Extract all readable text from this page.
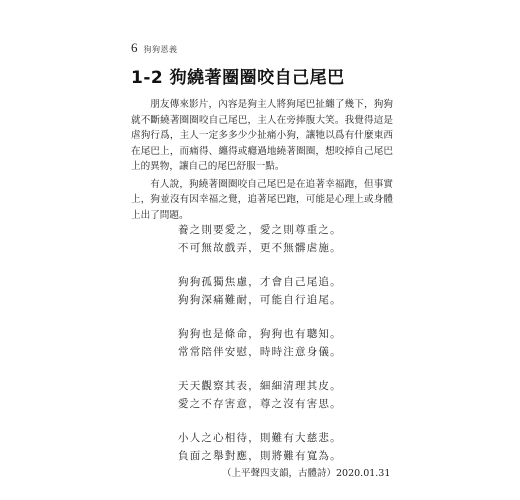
6 狗狗恩義
1-2 狗繞著圈圈咬自己尾巴

朋友傳來影片，內容是狗主人將狗尾巴扯纏了幾下，狗狗就不斷繞著圈圈咬自己尾巴，主人在旁捧腹大笑。我覺得這是虐狗行爲，主人一定多多少少扯痛小狗，讓牠以爲有什麼東西在尾巴上，而痛得、纏得或癮過地繞著圈圈，想咬掉自己尾巴上的異物，讓自己的尾巴舒服一點。

有人說，狗繞著圈圈咬自己尾巴是在追著幸福跑，但事實上，狗並沒有因幸福之覺，追著尾巴跑，可能是心理上或身體上出了問題。

養之則要愛之，愛之則尊重之。
不可無故戲弄，更不無髒虐施。
狗狗孤獨焦慮，才會自己尾追。
狗狗深痛難耐，可能自行追尾。
狗狗也是條命，狗狗也有聰知。
常常陪伴安慰，時時注意身儀。
天天觀察其表，細細清理其皮。
愛之不存害意，尊之沒有害思。
小人之心相待，則難有大慈悲。
負面之舉對應，則將難有寬為。
（上平聲四支韻，古體詩）2020.01.31
